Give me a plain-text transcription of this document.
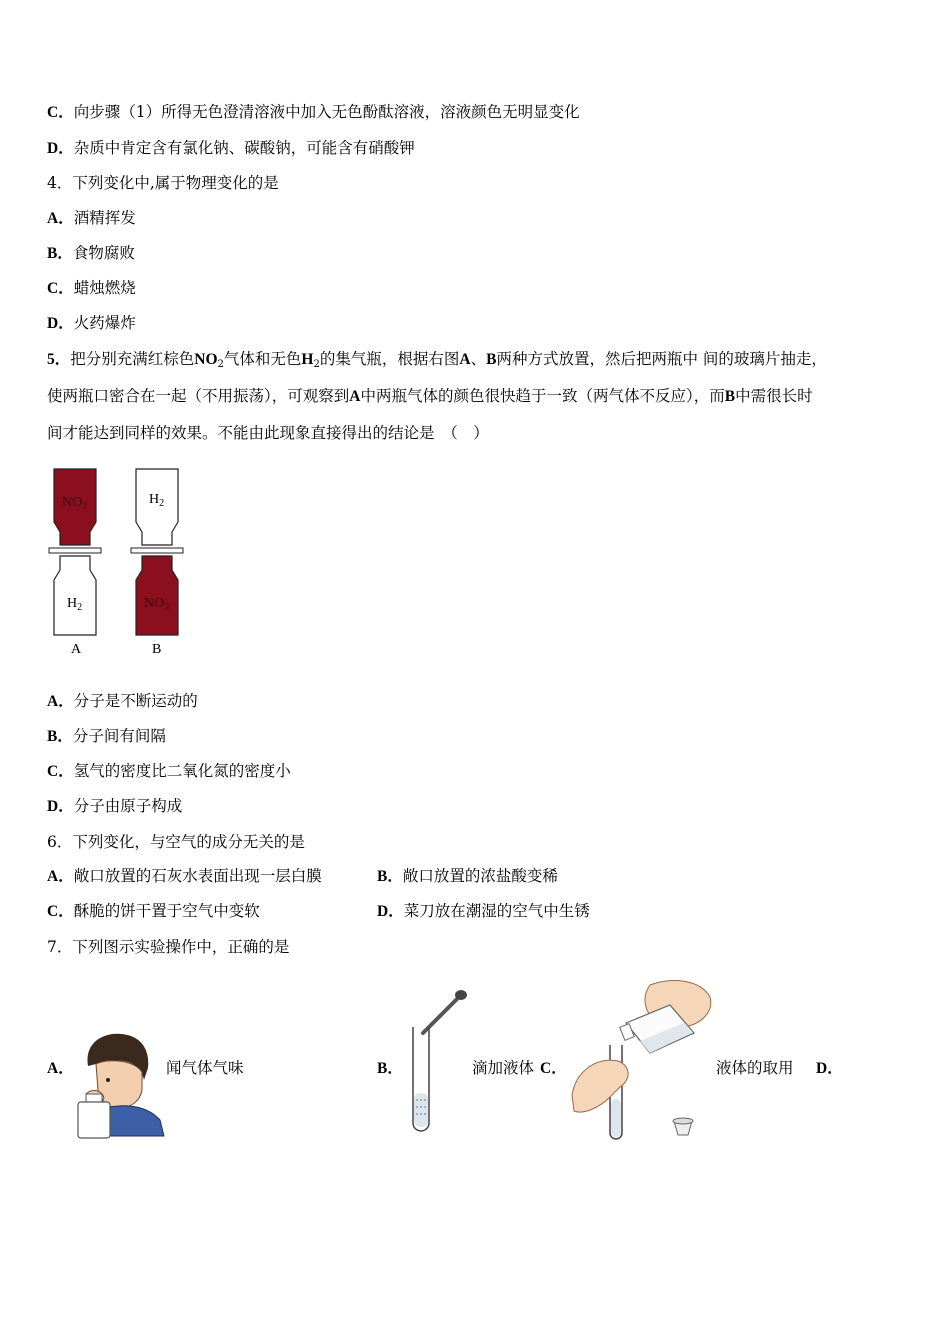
C．向步骤（1）所得无色澄清溶液中加入无色酚酞溶液，溶液颜色无明显变化
D．杂质中肯定含有氯化钠、碳酸钠，可能含有硝酸钾
4．下列变化中,属于物理变化的是
A．酒精挥发
B．食物腐败
C．蜡烛燃烧
D．火药爆炸
5．把分别充满红棕色$NO_2$气体和无色$H_2$的集气瓶，根据右图A、B两种方式放置，然后把两瓶中 间的玻璃片抽走，
使两瓶口密合在一起（不用振荡），可观察到A中两瓶气体的颜色很快趋于一致（两气体不反应），而B中需很长时
间才能达到同样的效果。不能由此现象直接得出的结论是　（　）
$NO_2$
$H_2$
$H_2$
$NO_2$
A	B
A．分子是不断运动的
B．分子间有间隔
C．氢气的密度比二氧化氮的密度小
D．分子由原子构成
6．下列变化，与空气的成分无关的是
A．敞口放置的石灰水表面出现一层白膜	B．敞口放置的浓盐酸变稀
C．酥脆的饼干置于空气中变软	D．菜刀放在潮湿的空气中生锈
7．下列图示实验操作中，正确的是
A．	闻气体气味	B．	滴加液体 C．	液体的取用 D．
